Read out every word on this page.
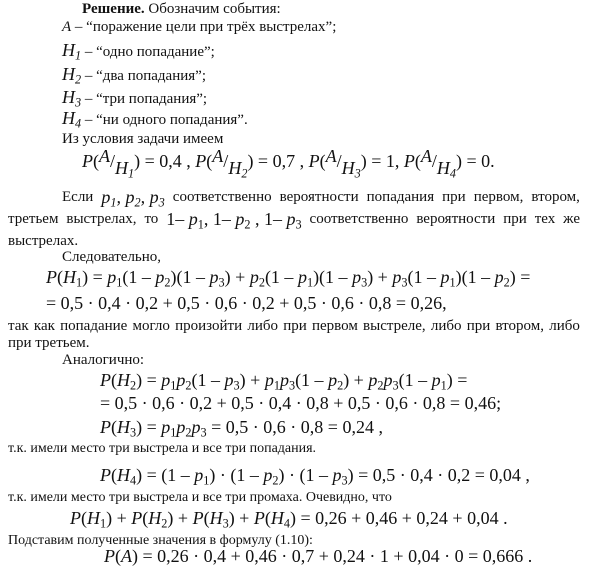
Решение. Обозначим события:
A – “поражение цели при трёх выстрелах”;
$H_1$ – “одно попадание”;
$H_2$ – “два попадания”;
$H_3$ – “три попадания”;
$H_4$ – “ни одного попадания”.
Из условия задачи имеем
$P(A/H_1) = 0,4$ , $P(A/H_2) = 0,7$ , $P(A/H_3) = 1$, $P(A/H_4) = 0$.
Если $p_1$, $p_2$, $p_3$ соответственно вероятности попадания при первом, втором,
третьем выстрелах, то 1– $p_1$, 1– $p_2$ , 1– $p_3$ соответственно вероятности при тех же
выстрелах.
Следовательно,
$P(H_1) = p_1(1 - p_2)(1 - p_3) + p_2(1 - p_1)(1 - p_3) + p_3(1 - p_1)(1 - p_2)$ =
= 0,5 · 0,4 · 0,2 + 0,5 · 0,6 · 0,2 + 0,5 · 0,6 · 0,8 = 0,26,
так как попадание могло произойти либо при первом выстреле, либо при втором, либо
при третьем.
Аналогично:
$P(H_2) = p_1p_2(1 - p_3) + p_1p_3(1 - p_2) + p_2p_3(1 - p_1)$ =
= 0,5 · 0,6 · 0,2 + 0,5 · 0,4 · 0,8 + 0,5 · 0,6 · 0,8 = 0,46;
$P(H_3) = p_1p_2p_3 = 0,5 \cdot 0,6 \cdot 0,8 = 0,24$ ,
т.к. имели место три выстрела и все три попадания.
$P(H_4) = (1 - p_1) \cdot (1 - p_2) \cdot (1 - p_3) = 0,5 \cdot 0,4 \cdot 0,2 = 0,04$ ,
т.к. имели место три выстрела и все три промаха. Очевидно, что
$P(H_1) + P(H_2) + P(H_3) + P(H_4) = 0,26 + 0,46 + 0,24 + 0,04$ .
Подставим полученные значения в формулу (1.10):
P(A) = 0,26 · 0,4 + 0,46 · 0,7 + 0,24 · 1 + 0,04 · 0 = 0,666 .
